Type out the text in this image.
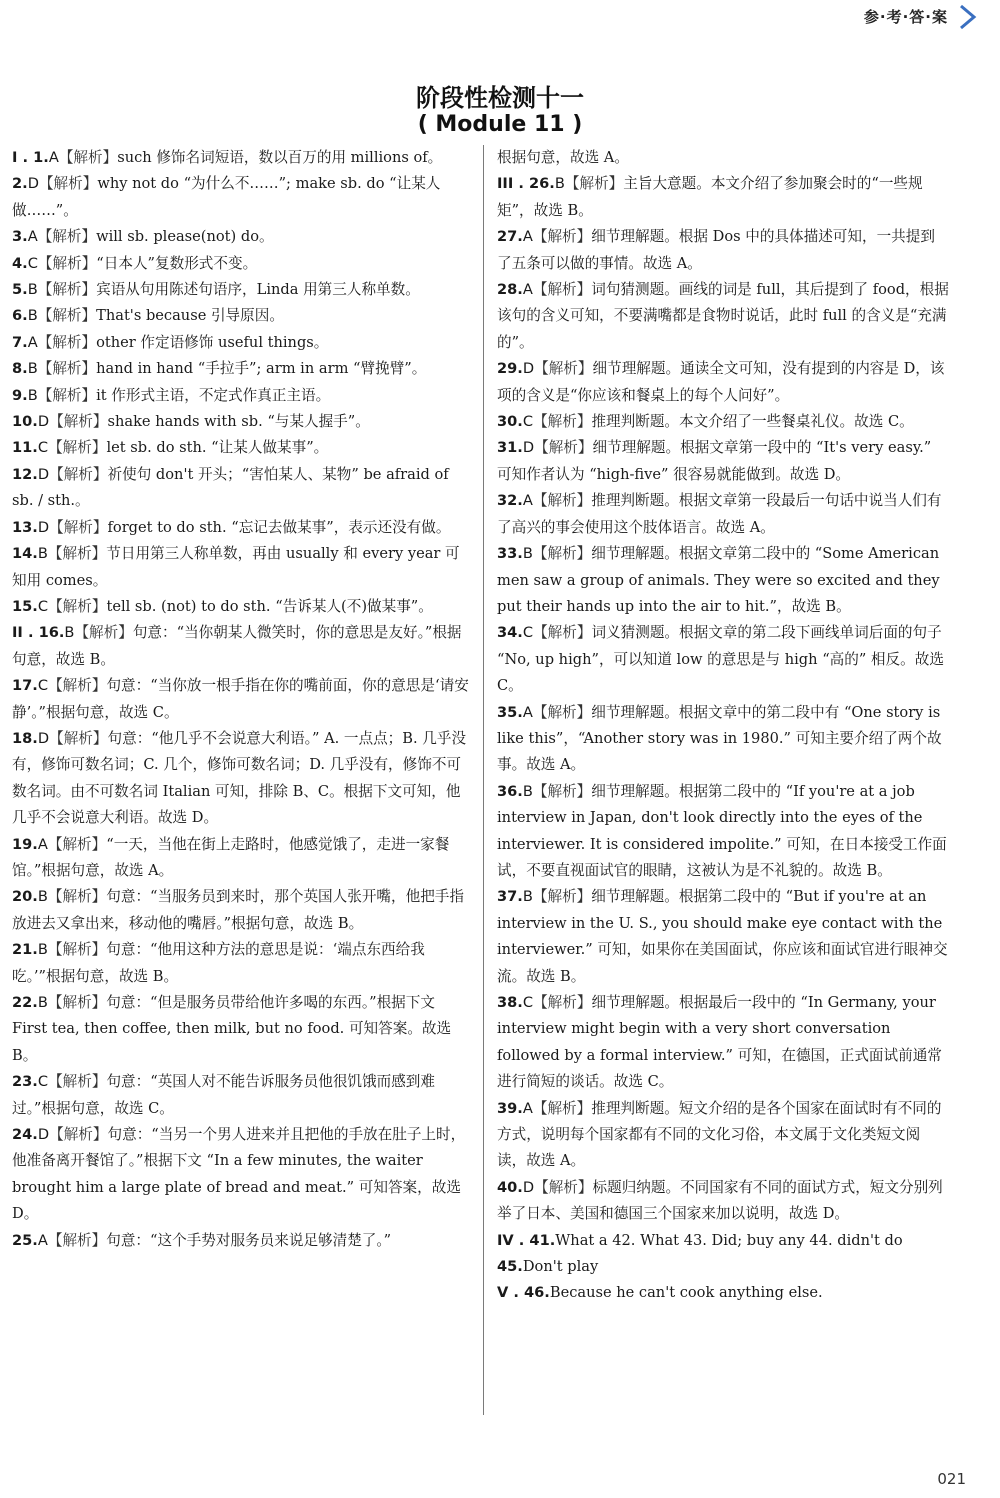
参·考·答·案
阶段性检测十一
( Module 11 )
I . 1.A【解析】such 修饰名词短语，数以百万的用 millions of。
2.D【解析】why not do “为什么不……”; make sb. do “让某人做……”。
3.A【解析】will sb. please(not) do。
4.C【解析】“日本人”复数形式不变。
5.B【解析】宾语从句用陈述句语序，Linda 用第三人称单数。
6.B【解析】That's because 引导原因。
7.A【解析】other 作定语修饰 useful things。
8.B【解析】hand in hand “手拉手”; arm in arm “臂挽臂”。
9.B【解析】it 作形式主语，不定式作真正主语。
10.D【解析】shake hands with sb. “与某人握手”。
11.C【解析】let sb. do sth. “让某人做某事”。
12.D【解析】祈使句 don't 开头；“害怕某人、某物” be afraid of sb. / sth.。
13.D【解析】forget to do sth. “忘记去做某事”，表示还没有做。
14.B【解析】节日用第三人称单数，再由 usually 和 every year 可知用 comes。
15.C【解析】tell sb. (not) to do sth. “告诉某人(不)做某事”。
II . 16.B【解析】句意：“当你朝某人微笑时，你的意思是友好。”根据句意，故选 B。
17.C【解析】句意：“当你放一根手指在你的嘴前面，你的意思是‘请安静’。”根据句意，故选 C。
18.D【解析】句意：“他几乎不会说意大利语。” A. 一点点；B. 几乎没有，修饰可数名词；C. 几个，修饰可数名词；D. 几乎没有，修饰不可数名词。由不可数名词 Italian 可知，排除 B、C。根据下文可知，他几乎不会说意大利语。故选 D。
19.A【解析】“一天，当他在街上走路时，他感觉饿了，走进一家餐馆。”根据句意，故选 A。
20.B【解析】句意：“当服务员到来时，那个英国人张开嘴，他把手指放进去又拿出来，移动他的嘴唇。”根据句意，故选 B。
21.B【解析】句意：“他用这种方法的意思是说：‘端点东西给我吃。’”根据句意，故选 B。
22.B【解析】句意：“但是服务员带给他许多喝的东西。”根据下文 First tea, then coffee, then milk, but no food. 可知答案。故选 B。
23.C【解析】句意：“英国人对不能告诉服务员他很饥饿而感到难过。”根据句意，故选 C。
24.D【解析】句意：“当另一个男人进来并且把他的手放在肚子上时，他准备离开餐馆了。”根据下文 “In a few minutes, the waiter brought him a large plate of bread and meat.” 可知答案，故选 D。
25.A【解析】句意：“这个手势对服务员来说足够清楚了。”
根据句意，故选 A。
III . 26.B【解析】主旨大意题。本文介绍了参加聚会时的“一些规矩”，故选 B。
27.A【解析】细节理解题。根据 Dos 中的具体描述可知，一共提到了五条可以做的事情。故选 A。
28.A【解析】词句猜测题。画线的词是 full，其后提到了 food，根据该句的含义可知，不要满嘴都是食物时说话，此时 full 的含义是“充满的”。
29.D【解析】细节理解题。通读全文可知，没有提到的内容是 D，该项的含义是“你应该和餐桌上的每个人问好”。
30.C【解析】推理判断题。本文介绍了一些餐桌礼仪。故选 C。
31.D【解析】细节理解题。根据文章第一段中的 “It's very easy.” 可知作者认为 “high-five” 很容易就能做到。故选 D。
32.A【解析】推理判断题。根据文章第一段最后一句话中说当人们有了高兴的事会使用这个肢体语言。故选 A。
33.B【解析】细节理解题。根据文章第二段中的 “Some American men saw a group of animals. They were so excited and they put their hands up into the air to hit.”，故选 B。
34.C【解析】词义猜测题。根据文章的第二段下画线单词后面的句子 “No, up high”，可以知道 low 的意思是与 high “高的” 相反。故选 C。
35.A【解析】细节理解题。根据文章中的第二段中有 “One story is like this”，“Another story was in 1980.” 可知主要介绍了两个故事。故选 A。
36.B【解析】细节理解题。根据第二段中的 “If you're at a job interview in Japan, don't look directly into the eyes of the interviewer. It is considered impolite.” 可知，在日本接受工作面试，不要直视面试官的眼睛，这被认为是不礼貌的。故选 B。
37.B【解析】细节理解题。根据第二段中的 “But if you're at an interview in the U. S., you should make eye contact with the interviewer.” 可知，如果你在美国面试，你应该和面试官进行眼神交流。故选 B。
38.C【解析】细节理解题。根据最后一段中的 “In Germany, your interview might begin with a very short conversation followed by a formal interview.” 可知，在德国，正式面试前通常进行简短的谈话。故选 C。
39.A【解析】推理判断题。短文介绍的是各个国家在面试时有不同的方式，说明每个国家都有不同的文化习俗，本文属于文化类短文阅读，故选 A。
40.D【解析】标题归纳题。不同国家有不同的面试方式，短文分别列举了日本、美国和德国三个国家来加以说明，故选 D。
IV . 41.What a 42. What 43. Did; buy any 44. didn't do
45.Don't play
V . 46.Because he can't cook anything else.
021
